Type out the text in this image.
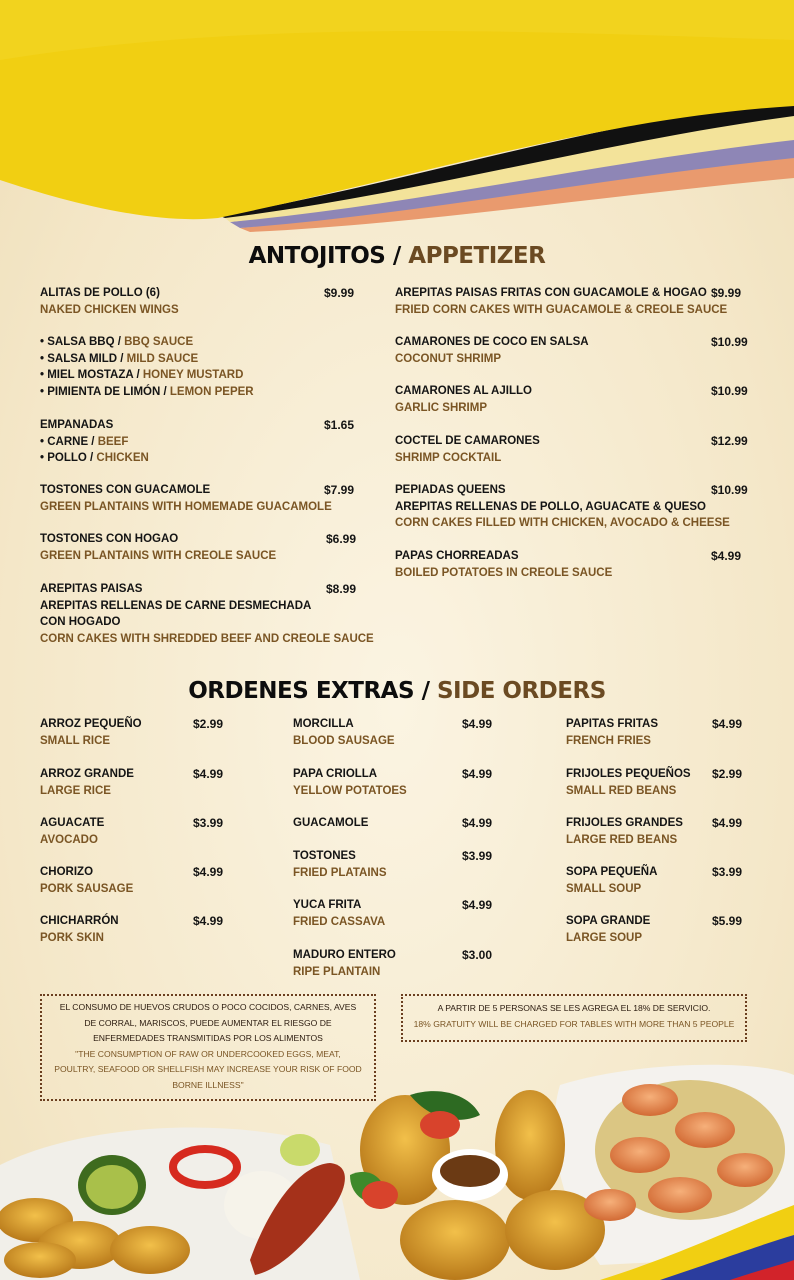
ANTOJITOS / APPETIZER
ALITAS DE POLLO (6)
NAKED CHICKEN WINGS
$9.99
• SALSA BBQ / BBQ SAUCE
• SALSA MILD / MILD SAUCE
• MIEL MOSTAZA / HONEY MUSTARD
• PIMIENTA DE LIMÓN / LEMON PEPER
EMPANADAS
• CARNE / BEEF
• POLLO / CHICKEN
$1.65
TOSTONES CON GUACAMOLE
GREEN PLANTAINS WITH HOMEMADE GUACAMOLE
$7.99
TOSTONES CON HOGAO
GREEN PLANTAINS WITH CREOLE SAUCE
$6.99
AREPITAS PAISAS
AREPITAS RELLENAS DE CARNE DESMECHADA
CON HOGADO
CORN CAKES WITH SHREDDED BEEF AND CREOLE SAUCE
$8.99
AREPITAS PAISAS FRITAS CON GUACAMOLE & HOGAO
FRIED CORN CAKES WITH GUACAMOLE & CREOLE SAUCE
$9.99
CAMARONES DE COCO EN SALSA
COCONUT SHRIMP
$10.99
CAMARONES AL AJILLO
GARLIC SHRIMP
$10.99
COCTEL DE CAMARONES
SHRIMP COCKTAIL
$12.99
PEPIADAS QUEENS
AREPITAS RELLENAS DE POLLO, AGUACATE & QUESO
CORN CAKES FILLED WITH CHICKEN, AVOCADO & CHEESE
$10.99
PAPAS CHORREADAS
BOILED POTATOES IN CREOLE SAUCE
$4.99
ORDENES EXTRAS / SIDE ORDERS
ARROZ PEQUEÑO
SMALL RICE
$2.99
ARROZ GRANDE
LARGE RICE
$4.99
AGUACATE
AVOCADO
$3.99
CHORIZO
PORK SAUSAGE
$4.99
CHICHARRÓN
PORK SKIN
$4.99
MORCILLA
BLOOD SAUSAGE
$4.99
PAPA CRIOLLA
YELLOW POTATOES
$4.99
GUACAMOLE	$4.99
TOSTONES
FRIED PLATAINS
$3.99
YUCA FRITA
FRIED CASSAVA
$4.99
MADURO ENTERO
RIPE PLANTAIN
$3.00
PAPITAS FRITAS
FRENCH FRIES
$4.99
FRIJOLES PEQUEÑOS
SMALL RED BEANS
$2.99
FRIJOLES GRANDES
LARGE RED BEANS
$4.99
SOPA PEQUEÑA
SMALL SOUP
$3.99
SOPA GRANDE
LARGE SOUP
$5.99
EL CONSUMO DE HUEVOS CRUDOS O POCO COCIDOS, CARNES, AVES
DE CORRAL, MARISCOS, PUEDE AUMENTAR EL RIESGO DE
ENFERMEDADES TRANSMITIDAS POR LOS ALIMENTOS
"THE CONSUMPTION OF RAW OR UNDERCOOKED EGGS, MEAT,
POULTRY, SEAFOOD OR SHELLFISH MAY INCREASE YOUR RISK OF FOOD
BORNE ILLNESS"
A PARTIR DE 5 PERSONAS SE LES AGREGA EL 18% DE SERVICIO.
18% GRATUITY WILL BE CHARGED FOR TABLES WITH MORE THAN 5 PEOPLE
